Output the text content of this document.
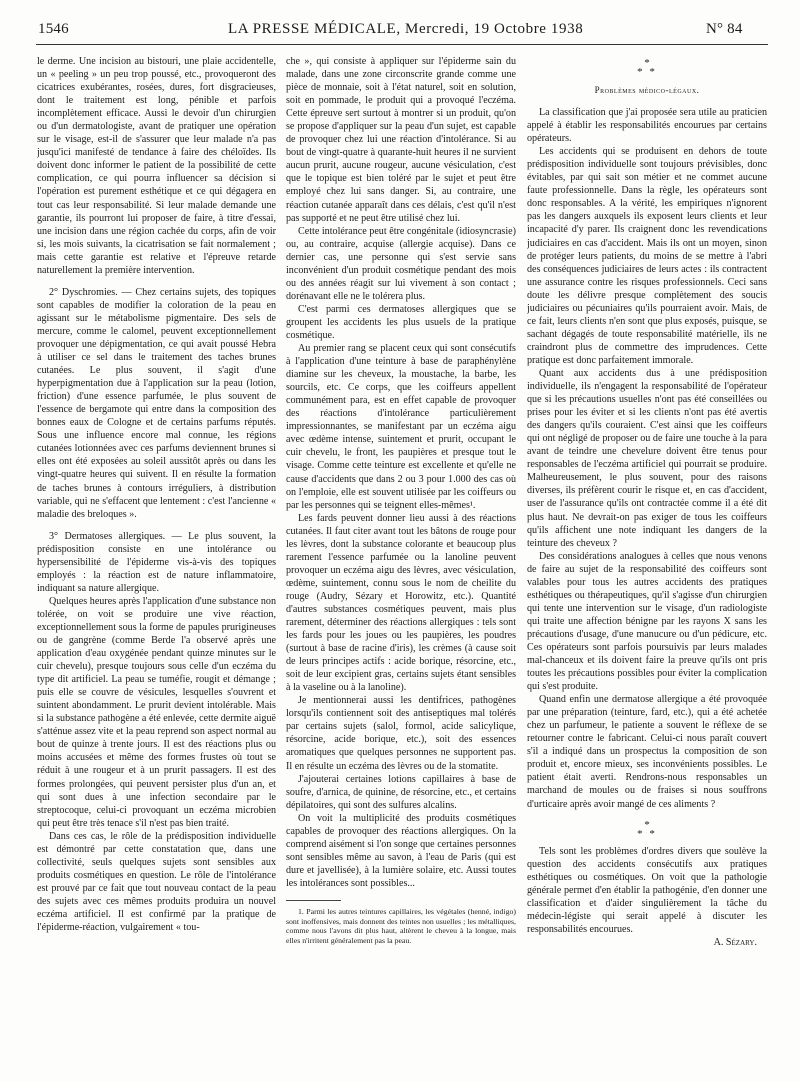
1546	LA PRESSE MÉDICALE, Mercredi, 19 Octobre 1938	N° 84

le derme. Une incision au bistouri, une plaie accidentelle, un « peeling » un peu trop poussé, etc., provoqueront des cicatrices exubérantes, rosées, dures, fort disgracieuses, dont le traitement est long, pénible et parfois incomplètement efficace. Aussi le devoir d'un chirurgien ou d'un dermatologiste, avant de pratiquer une opération sur le visage, est-il de s'assurer que leur malade n'a pas jusqu'ici manifesté de tendance à faire des chéloïdes. Ils doivent donc informer le patient de la possibilité de cette complication, ce qui pourra influencer sa décision si l'opération est purement esthétique et ce qui dégagera en tout cas leur responsabilité. Si leur malade demande une garantie, ils pourront lui proposer de faire, à titre d'essai, une incision dans une région cachée du corps, afin de voir si, les mois suivants, la cicatrisation se fait normalement ; mais cette garantie est relative et l'épreuve retarde naturellement la première intervention.

2° Dyschromies. — Chez certains sujets, des topiques sont capables de modifier la coloration de la peau en agissant sur le métabolisme pigmentaire. Des sels de mercure, comme le calomel, peuvent exceptionnellement provoquer une dépigmentation, ce qui avait poussé Hebra à utiliser ce sel dans le traitement des taches brunes cutanées. Le plus souvent, il s'agit d'une hyperpigmentation due à l'application sur la peau (lotion, friction) d'une essence parfumée, le plus souvent de l'essence de bergamote qui entre dans la composition des bonnes eaux de Cologne et de certains parfums réputés. Sous une influence encore mal connue, les régions cutanées lotionnées avec ces parfums deviennent brunes si elles ont été exposées au soleil aussitôt après ou dans les vingt-quatre heures qui suivent. Il en résulte la formation de taches brunes à contours irréguliers, à distribution variable, qui ne s'effacent que lentement : c'est l'ancienne « maladie des breloques ».

3° Dermatoses allergiques. — Le plus souvent, la prédisposition consiste en une intolérance ou hypersensibilité de l'épiderme vis-à-vis des topiques employés : la réaction est de nature inflammatoire, indiquant sa nature allergique.

Quelques heures après l'application d'une substance non tolérée, on voit se produire une vive réaction, exceptionnellement sous la forme de papules prurigineuses ou de gangrène (comme Berde l'a observé après une application d'eau oxygénée pendant quinze minutes sur le cuir chevelu), presque toujours sous celle d'un eczéma du type dit artificiel. La peau se tuméfie, rougit et démange ; puis elle se couvre de vésicules, lesquelles s'ouvrent et suintent abondamment. Le prurit devient intolérable. Mais si la substance pathogène a été enlevée, cette dermite aiguë s'atténue assez vite et la peau reprend son aspect normal au bout de quinze à trente jours. Il est des réactions plus ou moins accusées et même des formes frustes où tout se réduit à une rougeur et à un prurit passagers. Il est des formes prolongées, qui peuvent persister plus d'un an, et qui sont dues à une infection secondaire par le streptocoque, celui-ci provoquant un eczéma microbien qui peut être très tenace s'il n'est pas bien traité.

Dans ces cas, le rôle de la prédisposition individuelle est démontré par cette constatation que, dans une collectivité, seuls quelques sujets sont sensibles aux produits cosmétiques en question. Le rôle de l'intolérance est prouvé par ce fait que tout nouveau contact de la peau des sujets avec ces mêmes produits produira un nouvel eczéma artificiel. Il est confirmé par la pratique de l'épiderme-réaction, vulgairement « tou-

che », qui consiste à appliquer sur l'épiderme sain du malade, dans une zone circonscrite grande comme une pièce de monnaie, soit à l'état naturel, soit en solution, soit en pommade, le produit qui a provoqué l'eczéma. Cette épreuve sert surtout à montrer si un produit, qu'on se propose d'appliquer sur la peau d'un sujet, est capable de provoquer chez lui une réaction d'intolérance. Si au bout de vingt-quatre à quarante-huit heures il ne survient aucun prurit, aucune rougeur, aucune vésiculation, c'est que le topique est bien toléré par le sujet et peut être employé chez lui sans danger. Si, au contraire, une réaction cutanée apparaît dans ces délais, c'est qu'il n'est pas supporté et ne peut être utilisé chez lui.

Cette intolérance peut être congénitale (idiosyncrasie) ou, au contraire, acquise (allergie acquise). Dans ce dernier cas, une personne qui s'est servie sans inconvénient d'un produit cosmétique pendant des mois ou des années réagit sur lui vivement à son contact ; dorénavant elle ne le tolérera plus.

C'est parmi ces dermatoses allergiques que se groupent les accidents les plus usuels de la pratique cosmétique.

Au premier rang se placent ceux qui sont consécutifs à l'application d'une teinture à base de paraphénylène diamine sur les cheveux, la moustache, la barbe, les sourcils, etc. Ce corps, que les coiffeurs appellent communément para, est en effet capable de provoquer des réactions d'intolérance particulièrement impressionnantes, se manifestant par un eczéma aigu avec œdème intense, suintement et prurit, occupant le cuir chevelu, le front, les paupières et presque tout le visage. Comme cette teinture est excellente et qu'elle ne cause d'accidents que dans 2 ou 3 pour 1.000 des cas où on l'emploie, elle est souvent utilisée par les coiffeurs ou par les personnes qui se teignent elles-mêmes¹.

Les fards peuvent donner lieu aussi à des réactions cutanées. Il faut citer avant tout les bâtons de rouge pour les lèvres, dont la substance colorante et beaucoup plus rarement l'essence parfumée ou la lanoline peuvent provoquer un eczéma aigu des lèvres, avec vésiculation, œdème, suintement, connu sous le nom de cheilite du rouge (Audry, Sézary et Horowitz, etc.). Quantité d'autres substances cosmétiques peuvent, mais plus rarement, déterminer des réactions allergiques : tels sont les fards pour les joues ou les paupières, les poudres (surtout à base de racine d'iris), les crèmes (à cause soit de leurs principes actifs : acide borique, résorcine, etc., soit de leur excipient gras, certains sujets étant sensibles à la vaseline ou à la lanoline).

Je mentionnerai aussi les dentifrices, pathogènes lorsqu'ils contiennent soit des antiseptiques mal tolérés par certains sujets (salol, formol, acide salicylique, résorcine, acide borique, etc.), soit des essences aromatiques que quelques personnes ne supportent pas. Il en résulte un eczéma des lèvres ou de la stomatite.

J'ajouterai certaines lotions capillaires à base de soufre, d'arnica, de quinine, de résorcine, etc., et certains dépilatoires, qui sont des sulfures alcalins.

On voit la multiplicité des produits cosmétiques capables de provoquer des réactions allergiques. On la comprend aisément si l'on songe que certaines personnes sont sensibles même au savon, à l'eau de Paris (qui est dure et javellisée), à la lumière solaire, etc. Aussi toutes les intolérances sont possibles...

1. Parmi les autres teintures capillaires, les végétales (henné, indigo) sont inoffensives, mais donnent des teintes non usuelles ; les métalliques, comme nous l'avons dit plus haut, altèrent le cheveu à la longue, mais elles n'irritent généralement pas la peau.

*
* *
Problèmes médico-légaux.

La classification que j'ai proposée sera utile au praticien appelé à établir les responsabilités encourues par certains opérateurs.

Les accidents qui se produisent en dehors de toute prédisposition individuelle sont toujours prévisibles, donc évitables, par qui sait son métier et ne commet aucune faute professionnelle. Dans la règle, les opérateurs sont donc responsables. A la vérité, les empiriques n'ignorent pas les dangers auxquels ils exposent leurs clients et leur incapacité d'y parer. Ils craignent donc les revendications judiciaires en cas d'accident. Mais ils ont un moyen, sinon de protéger leurs patients, du moins de se mettre à l'abri des conséquences judiciaires de leurs actes : ils contractent une assurance contre les risques professionnels. Ceci sans doute les délivre presque complètement des soucis judiciaires ou pécuniaires qu'ils pourraient avoir. Mais, de ce fait, leurs clients n'en sont que plus exposés, puisque, se sachant dégagés de toute responsabilité matérielle, ils ne craindront plus de commettre des imprudences. Cette pratique est donc parfaitement immorale.

Quant aux accidents dus à une prédisposition individuelle, ils n'engagent la responsabilité de l'opérateur que si les précautions usuelles n'ont pas été conseillées ou prises pour les éviter et si les clients n'ont pas été avertis des dangers qu'ils couraient. C'est ainsi que les coiffeurs qui ont négligé de proposer ou de faire une touche à la para avant de teindre une chevelure doivent être tenus pour responsables de l'eczéma artificiel qui pourrait se produire. Malheureusement, le plus souvent, pour des raisons diverses, ils préfèrent courir le risque et, en cas d'accident, user de l'assurance qu'ils ont contractée comme il a été dit plus haut. Ne devrait-on pas exiger de tous les coiffeurs qu'ils affichent une note indiquant les dangers de la teinture des cheveux ?

Des considérations analogues à celles que nous venons de faire au sujet de la responsabilité des coiffeurs sont valables pour tous les autres accidents des pratiques esthétiques ou thérapeutiques, qu'il s'agisse d'un chirurgien qui tente une intervention sur le visage, d'un radiologiste qui traite une affection bénigne par les rayons X sans les précautions d'usage, d'une manucure ou d'un pédicure, etc. Ces opérateurs sont parfois poursuivis par leurs malades mal-chanceux et ils doivent faire la preuve qu'ils ont pris toutes les précautions possibles pour éviter la complication qui s'est produite.

Quand enfin une dermatose allergique a été provoquée par une préparation (teinture, fard, etc.), qui a été achetée chez un parfumeur, le patiente a souvent le réflexe de se retourner contre le fabricant. Celui-ci nous paraît couvert s'il a indiqué dans un prospectus la composition de son produit et, encore mieux, ses inconvénients possibles. Le patient était averti. Rendrons-nous responsables un marchand de moules ou de fraises si nous souffrons d'urticaire après avoir mangé de ces aliments ?

*
* *

Tels sont les problèmes d'ordres divers que soulève la question des accidents consécutifs aux pratiques esthétiques ou cosmétiques. On voit que la pathologie générale permet d'en établir la pathogénie, d'en donner une classification et d'aider singulièrement la tâche du médecin-légiste qui serait appelé à discuter les responsabilités encourues.

A. Sézary.
